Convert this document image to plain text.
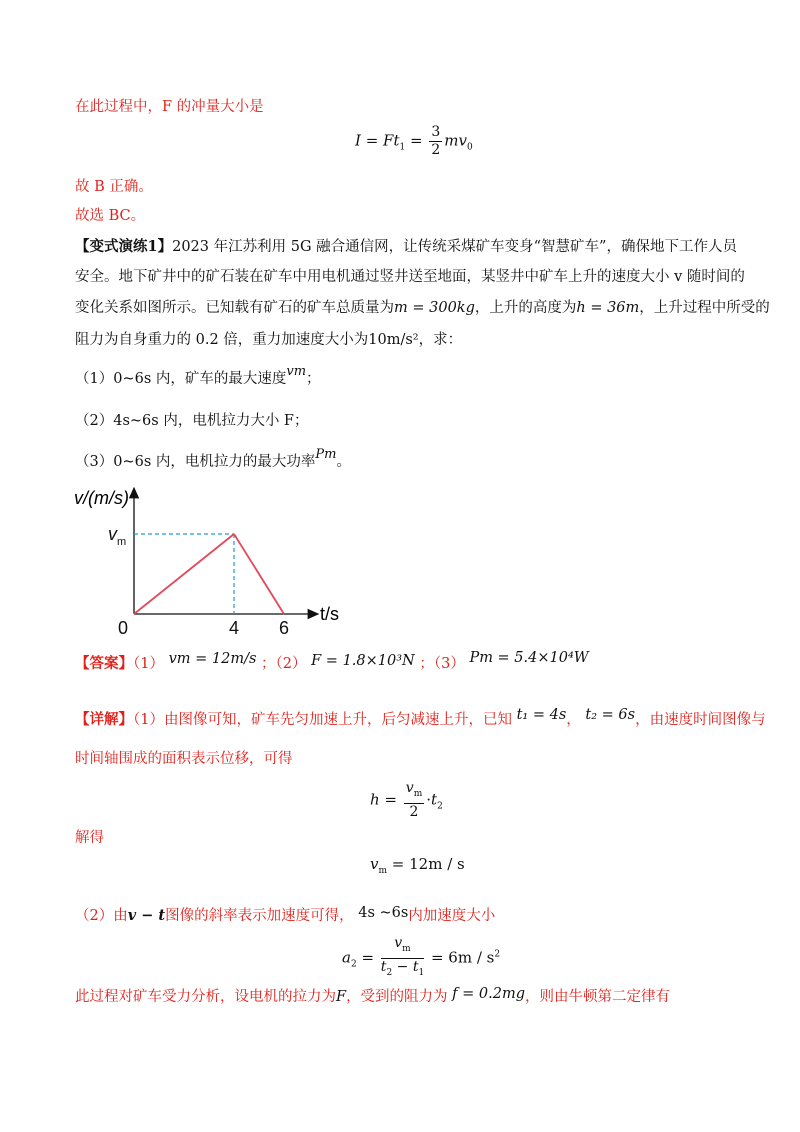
在此过程中，F 的冲量大小是
$I = Ft_1 = \frac{3}{2} mv_0$
故 B 正确。
故选 BC。
【变式演练1】2023 年江苏利用 5G 融合通信网，让传统采煤矿车变身“智慧矿车”，确保地下工作人员
安全。地下矿井中的矿石装在矿车中用电机通过竖井送至地面，某竖井中矿车上升的速度大小 v 随时间的
变化关系如图所示。已知载有矿石的矿车总质量为m = 300kg，上升的高度为h = 36m，上升过程中所受的
阻力为自身重力的 0.2 倍，重力加速度大小为10m/s²，求：
（1）0~6s 内，矿车的最大速度vm；
（2）4s~6s 内，电机拉力大小 F；
（3）0~6s 内，电机拉力的最大功率Pm。
0	4 6
$v_m$
v/(m/s)
t/s
【答案】（1） vm = 12m/s ；（2） F = 1.8×10³N ；（3） Pm = 5.4×10⁴W
【详解】（1）由图像可知，矿车先匀加速上升，后匀减速上升，已知 t₁ = 4s， t₂ = 6s，由速度时间图像与
时间轴围成的面积表示位移，可得
$h = \frac{v_m}{2} \cdot t_2$
解得
$v_m = 12m / s$
（2）由v − t图像的斜率表示加速度可得， 4s ~6s内加速度大小
$a_2 = \frac{v_m}{t_2 - t_1} = 6m / s^2$
此过程对矿车受力分析，设电机的拉力为F，受到的阻力为 f = 0.2mg，则由牛顿第二定律有
